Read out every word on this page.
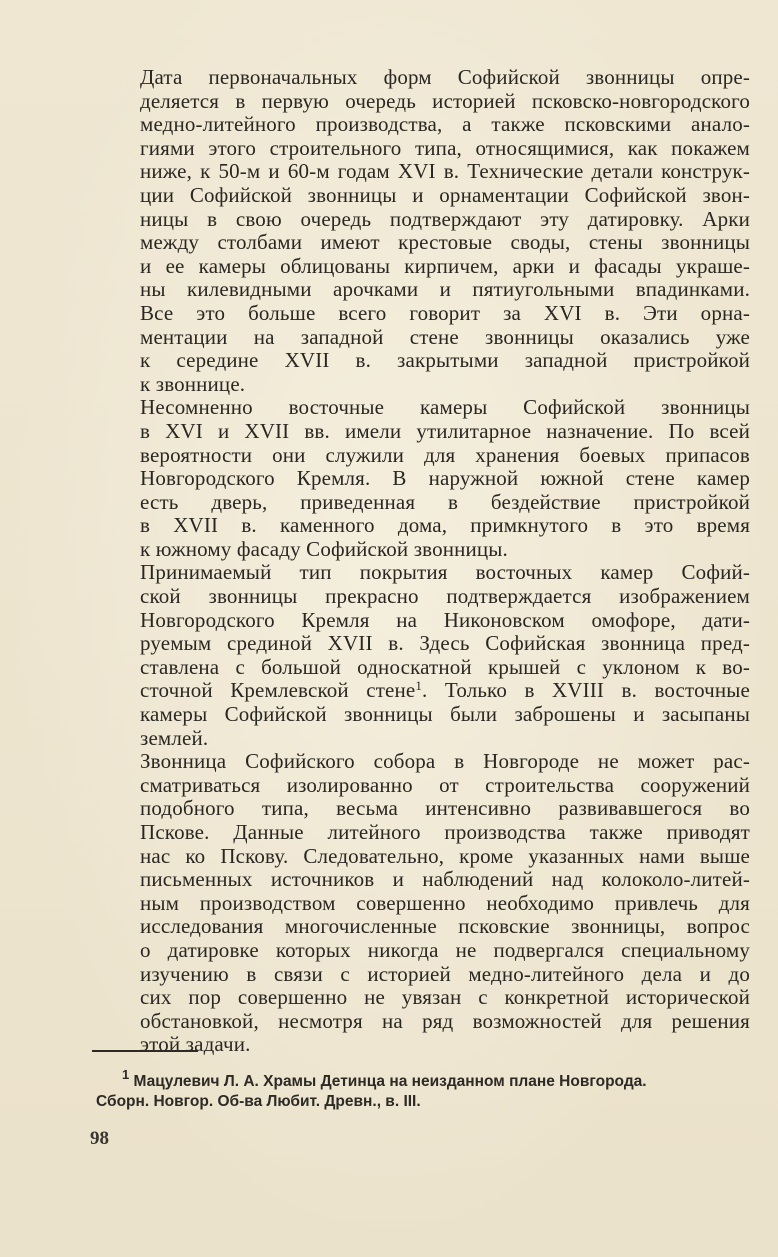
Дата первоначальных форм Софийской звонницы опре-
деляется в первую очередь историей псковско-новгородского
медно-литейного производства, а также псковскими анало-
гиями этого строительного типа, относящимися, как покажем
ниже, к 50-м и 60-м годам XVI в. Технические детали конструк-
ции Софийской звонницы и орнаментации Софийской звон-
ницы в свою очередь подтверждают эту датировку. Арки
между столбами имеют крестовые своды, стены звонницы
и ее камеры облицованы кирпичем, арки и фасады украше-
ны килевидными арочками и пятиугольными впадинками.
Все это больше всего говорит за XVI в. Эти орна-
ментации на западной стене звонницы оказались уже
к середине XVII в. закрытыми западной пристройкой
к звоннице.

Несомненно восточные камеры Софийской звонницы
в XVI и XVII вв. имели утилитарное назначение. По всей
вероятности они служили для хранения боевых припасов
Новгородского Кремля. В наружной южной стене камер
есть дверь, приведенная в бездействие пристройкой
в XVII в. каменного дома, примкнутого в это время
к южному фасаду Софийской звонницы.

Принимаемый тип покрытия восточных камер Софий-
ской звонницы прекрасно подтверждается изображением
Новгородского Кремля на Никоновском омофоре, дати-
руемым срединой XVII в. Здесь Софийская звонница пред-
ставлена с большой односкатной крышей с уклоном к во-
сточной Кремлевской стене$^1$. Только в XVIII в. восточные
камеры Софийской звонницы были заброшены и засыпаны
землей.

Звонница Софийского собора в Новгороде не может рас-
сматриваться изолированно от строительства сооружений
подобного типа, весьма интенсивно развивавшегося во
Пскове. Данные литейного производства также приводят
нас ко Пскову. Следовательно, кроме указанных нами выше
письменных источников и наблюдений над колоколо-литей-
ным производством совершенно необходимо привлечь для
исследования многочисленные псковские звонницы, вопрос
о датировке которых никогда не подвергался специальному
изучению в связи с историей медно-литейного дела и до
сих пор совершенно не увязан с конкретной исторической
обстановкой, несмотря на ряд возможностей для решения
этой задачи.

$^1$ Мацулевич Л. А. Храмы Детинца на неизданном плане Новгорода.
Сборн. Новгор. Об-ва Любит. Древн., в. III.
98
